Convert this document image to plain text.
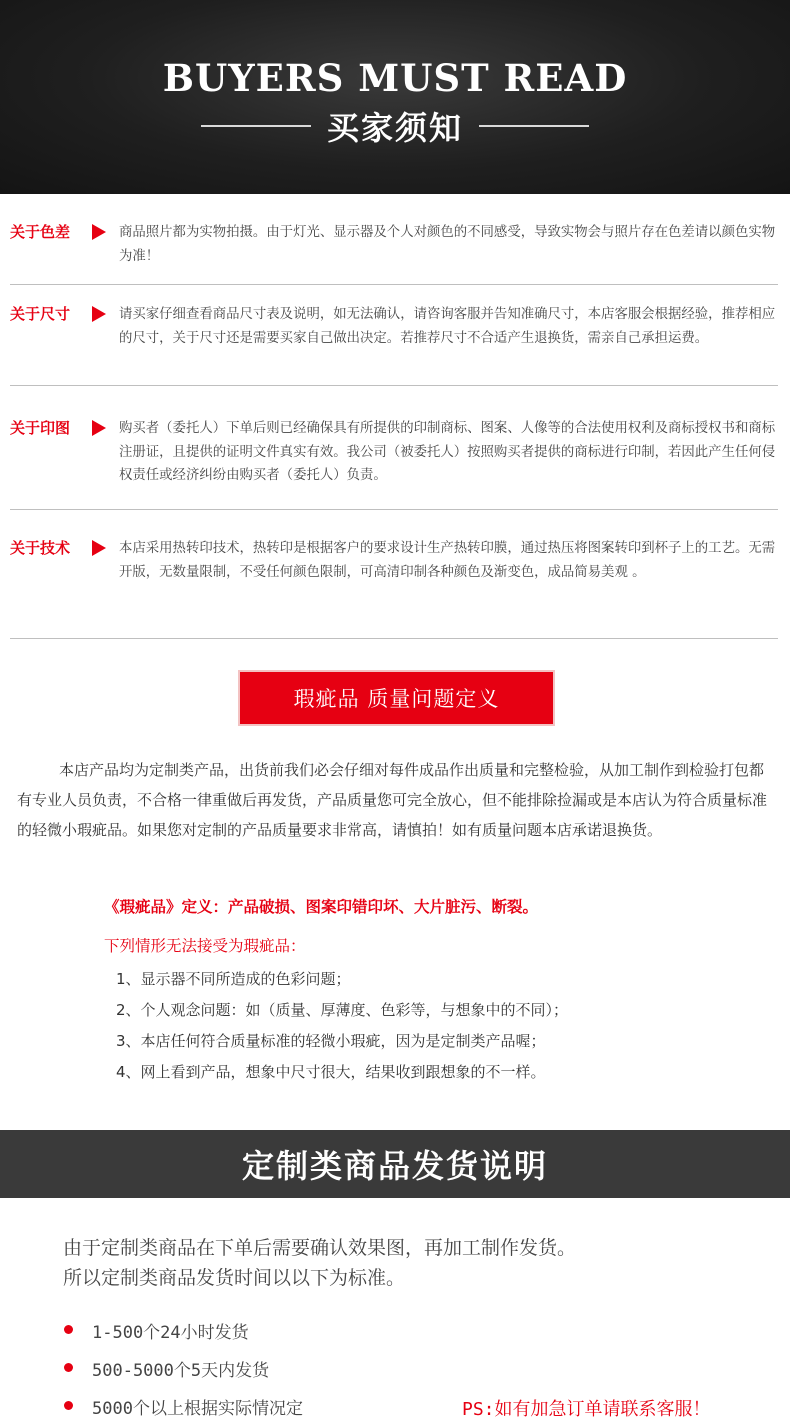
BUYERS MUST READ
买家须知
关于色差	商品照片都为实物拍摄。由于灯光、显示器及个人对颜色的不同感受，导致实物会与照片存在色差请以颜色实物为准！
关于尺寸	请买家仔细查看商品尺寸表及说明，如无法确认，请咨询客服并告知准确尺寸，本店客服会根据经验，推荐相应的尺寸，关于尺寸还是需要买家自己做出决定。若推荐尺寸不合适产生退换货，需亲自己承担运费。
关于印图	购买者（委托人）下单后则已经确保具有所提供的印制商标、图案、人像等的合法使用权利及商标授权书和商标注册证，且提供的证明文件真实有效。我公司（被委托人）按照购买者提供的商标进行印制，若因此产生任何侵权责任或经济纠纷由购买者（委托人）负责。
关于技术	本店采用热转印技术，热转印是根据客户的要求设计生产热转印膜，通过热压将图案转印到杯子上的工艺。无需开版，无数量限制，不受任何颜色限制，可高清印制各种颜色及渐变色，成品简易美观 。
瑕疵品 质量问题定义
本店产品均为定制类产品，出货前我们必会仔细对每件成品作出质量和完整检验，从加工制作到检验打包都有专业人员负责，不合格一律重做后再发货，产品质量您可完全放心，但不能排除捡漏或是本店认为符合质量标准的轻微小瑕疵品。如果您对定制的产品质量要求非常高，请慎拍！如有质量问题本店承诺退换货。
《瑕疵品》定义：产品破损、图案印错印坏、大片脏污、断裂。
下列情形无法接受为瑕疵品：
1、显示器不同所造成的色彩问题；
2、个人观念问题：如（质量、厚薄度、色彩等，与想象中的不同）；
3、本店任何符合质量标准的轻微小瑕疵，因为是定制类产品喔；
4、网上看到产品，想象中尺寸很大，结果收到跟想象的不一样。
定制类商品发货说明
由于定制类商品在下单后需要确认效果图，再加工制作发货。
所以定制类商品发货时间以以下为标准。
1-500个24小时发货
500-5000个5天内发货
5000个以上根据实际情况定	PS:如有加急订单请联系客服！
